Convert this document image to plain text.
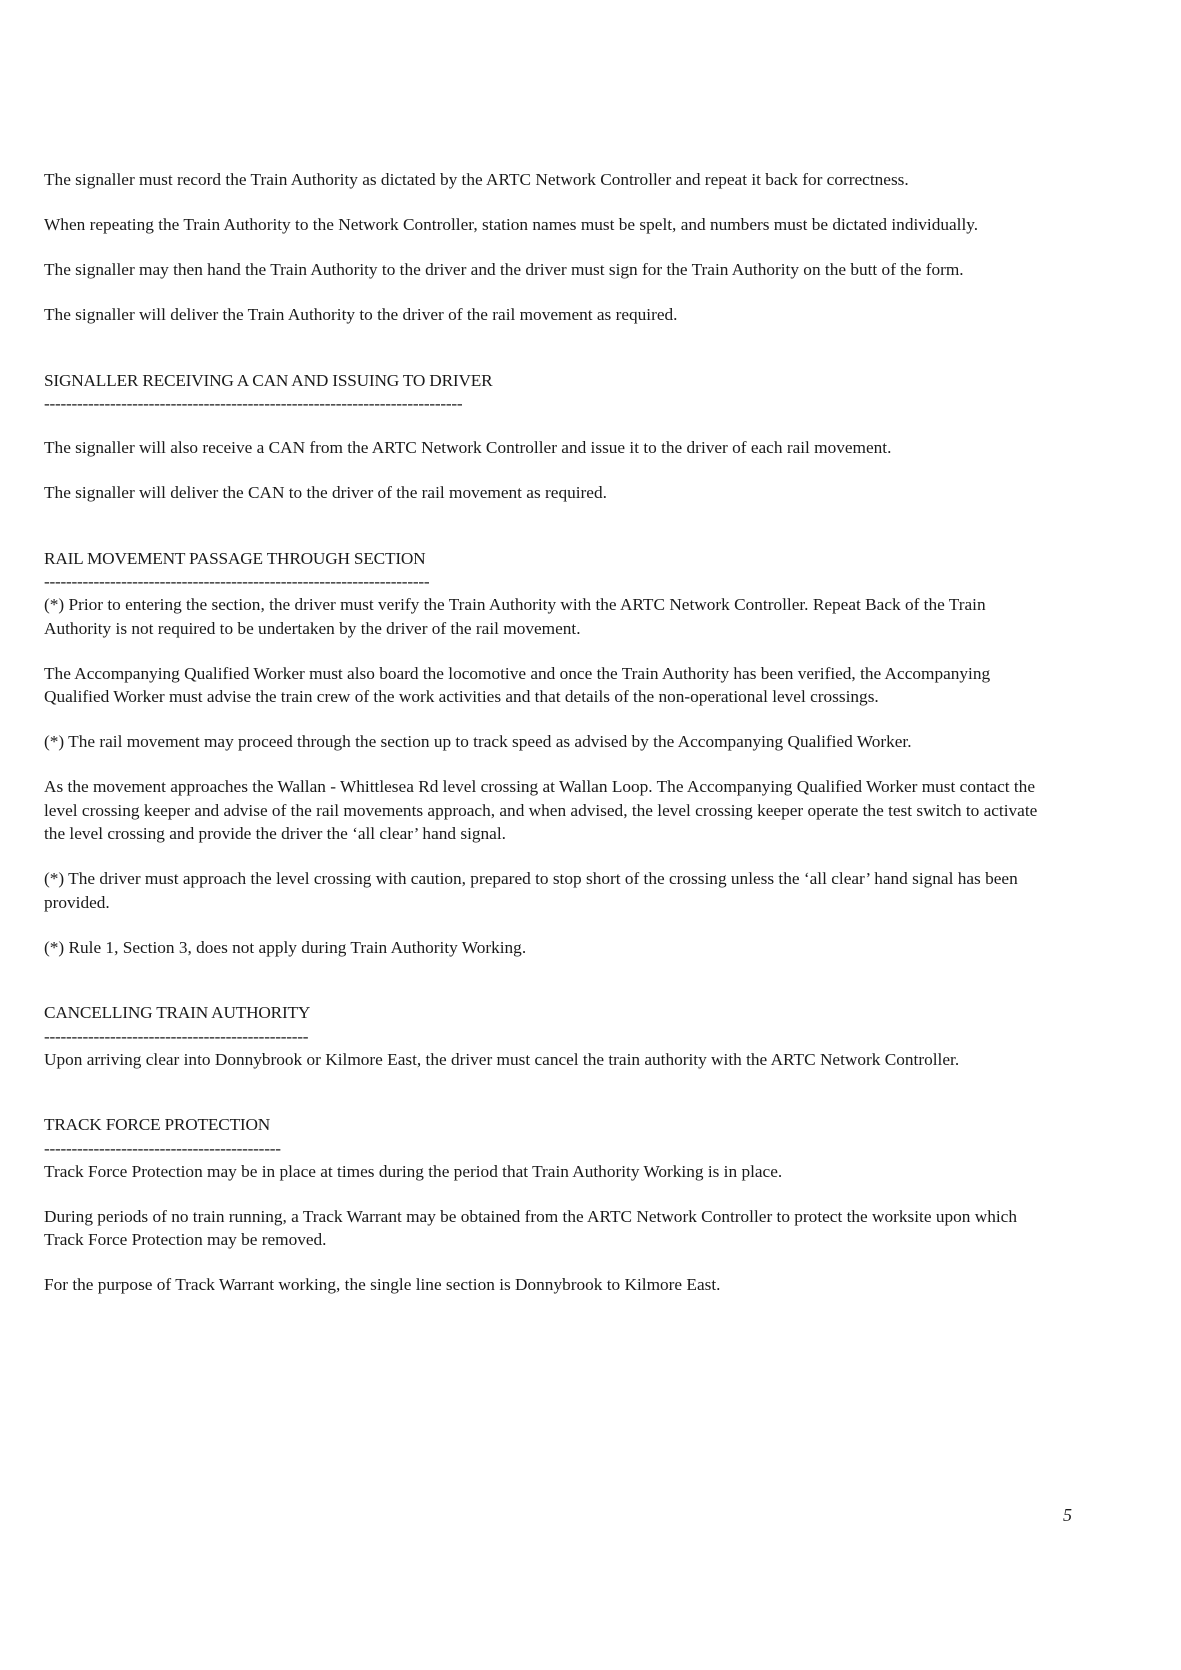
The signaller must record the Train Authority as dictated by the ARTC Network Controller and repeat it back for correctness.

When repeating the Train Authority to the Network Controller, station names must be spelt, and numbers must be dictated individually.

The signaller may then hand the Train Authority to the driver and the driver must sign for the Train Authority on the butt of the form.

The signaller will deliver the Train Authority to the driver of the rail movement as required.

SIGNALLER RECEIVING A CAN AND ISSUING TO DRIVER

----------------------------------------------------------------------------

The signaller will also receive a CAN from the ARTC Network Controller and issue it to the driver of each rail movement.

The signaller will deliver the CAN to the driver of the rail movement as required.

RAIL MOVEMENT PASSAGE THROUGH SECTION

----------------------------------------------------------------------

(*) Prior to entering the section, the driver must verify the Train Authority with the ARTC Network Controller. Repeat Back of the Train Authority is not required to be undertaken by the driver of the rail movement.

The Accompanying Qualified Worker must also board the locomotive and once the Train Authority has been verified, the Accompanying Qualified Worker must advise the train crew of the work activities and that details of the non-operational level crossings.

(*) The rail movement may proceed through the section up to track speed as advised by the Accompanying Qualified Worker.

As the movement approaches the Wallan - Whittlesea Rd level crossing at Wallan Loop. The Accompanying Qualified Worker must contact the level crossing keeper and advise of the rail movements approach, and when advised, the level crossing keeper operate the test switch to activate the level crossing and provide the driver the ‘all clear’ hand signal.

(*) The driver must approach the level crossing with caution, prepared to stop short of the crossing unless the ‘all clear’ hand signal has been provided.

(*) Rule 1, Section 3, does not apply during Train Authority Working.

CANCELLING TRAIN AUTHORITY

------------------------------------------------

Upon arriving clear into Donnybrook or Kilmore East, the driver must cancel the train authority with the ARTC Network Controller.

TRACK FORCE PROTECTION

-------------------------------------------

Track Force Protection may be in place at times during the period that Train Authority Working is in place.

During periods of no train running, a Track Warrant may be obtained from the ARTC Network Controller to protect the worksite upon which Track Force Protection may be removed.

For the purpose of Track Warrant working, the single line section is Donnybrook to Kilmore East.

5
